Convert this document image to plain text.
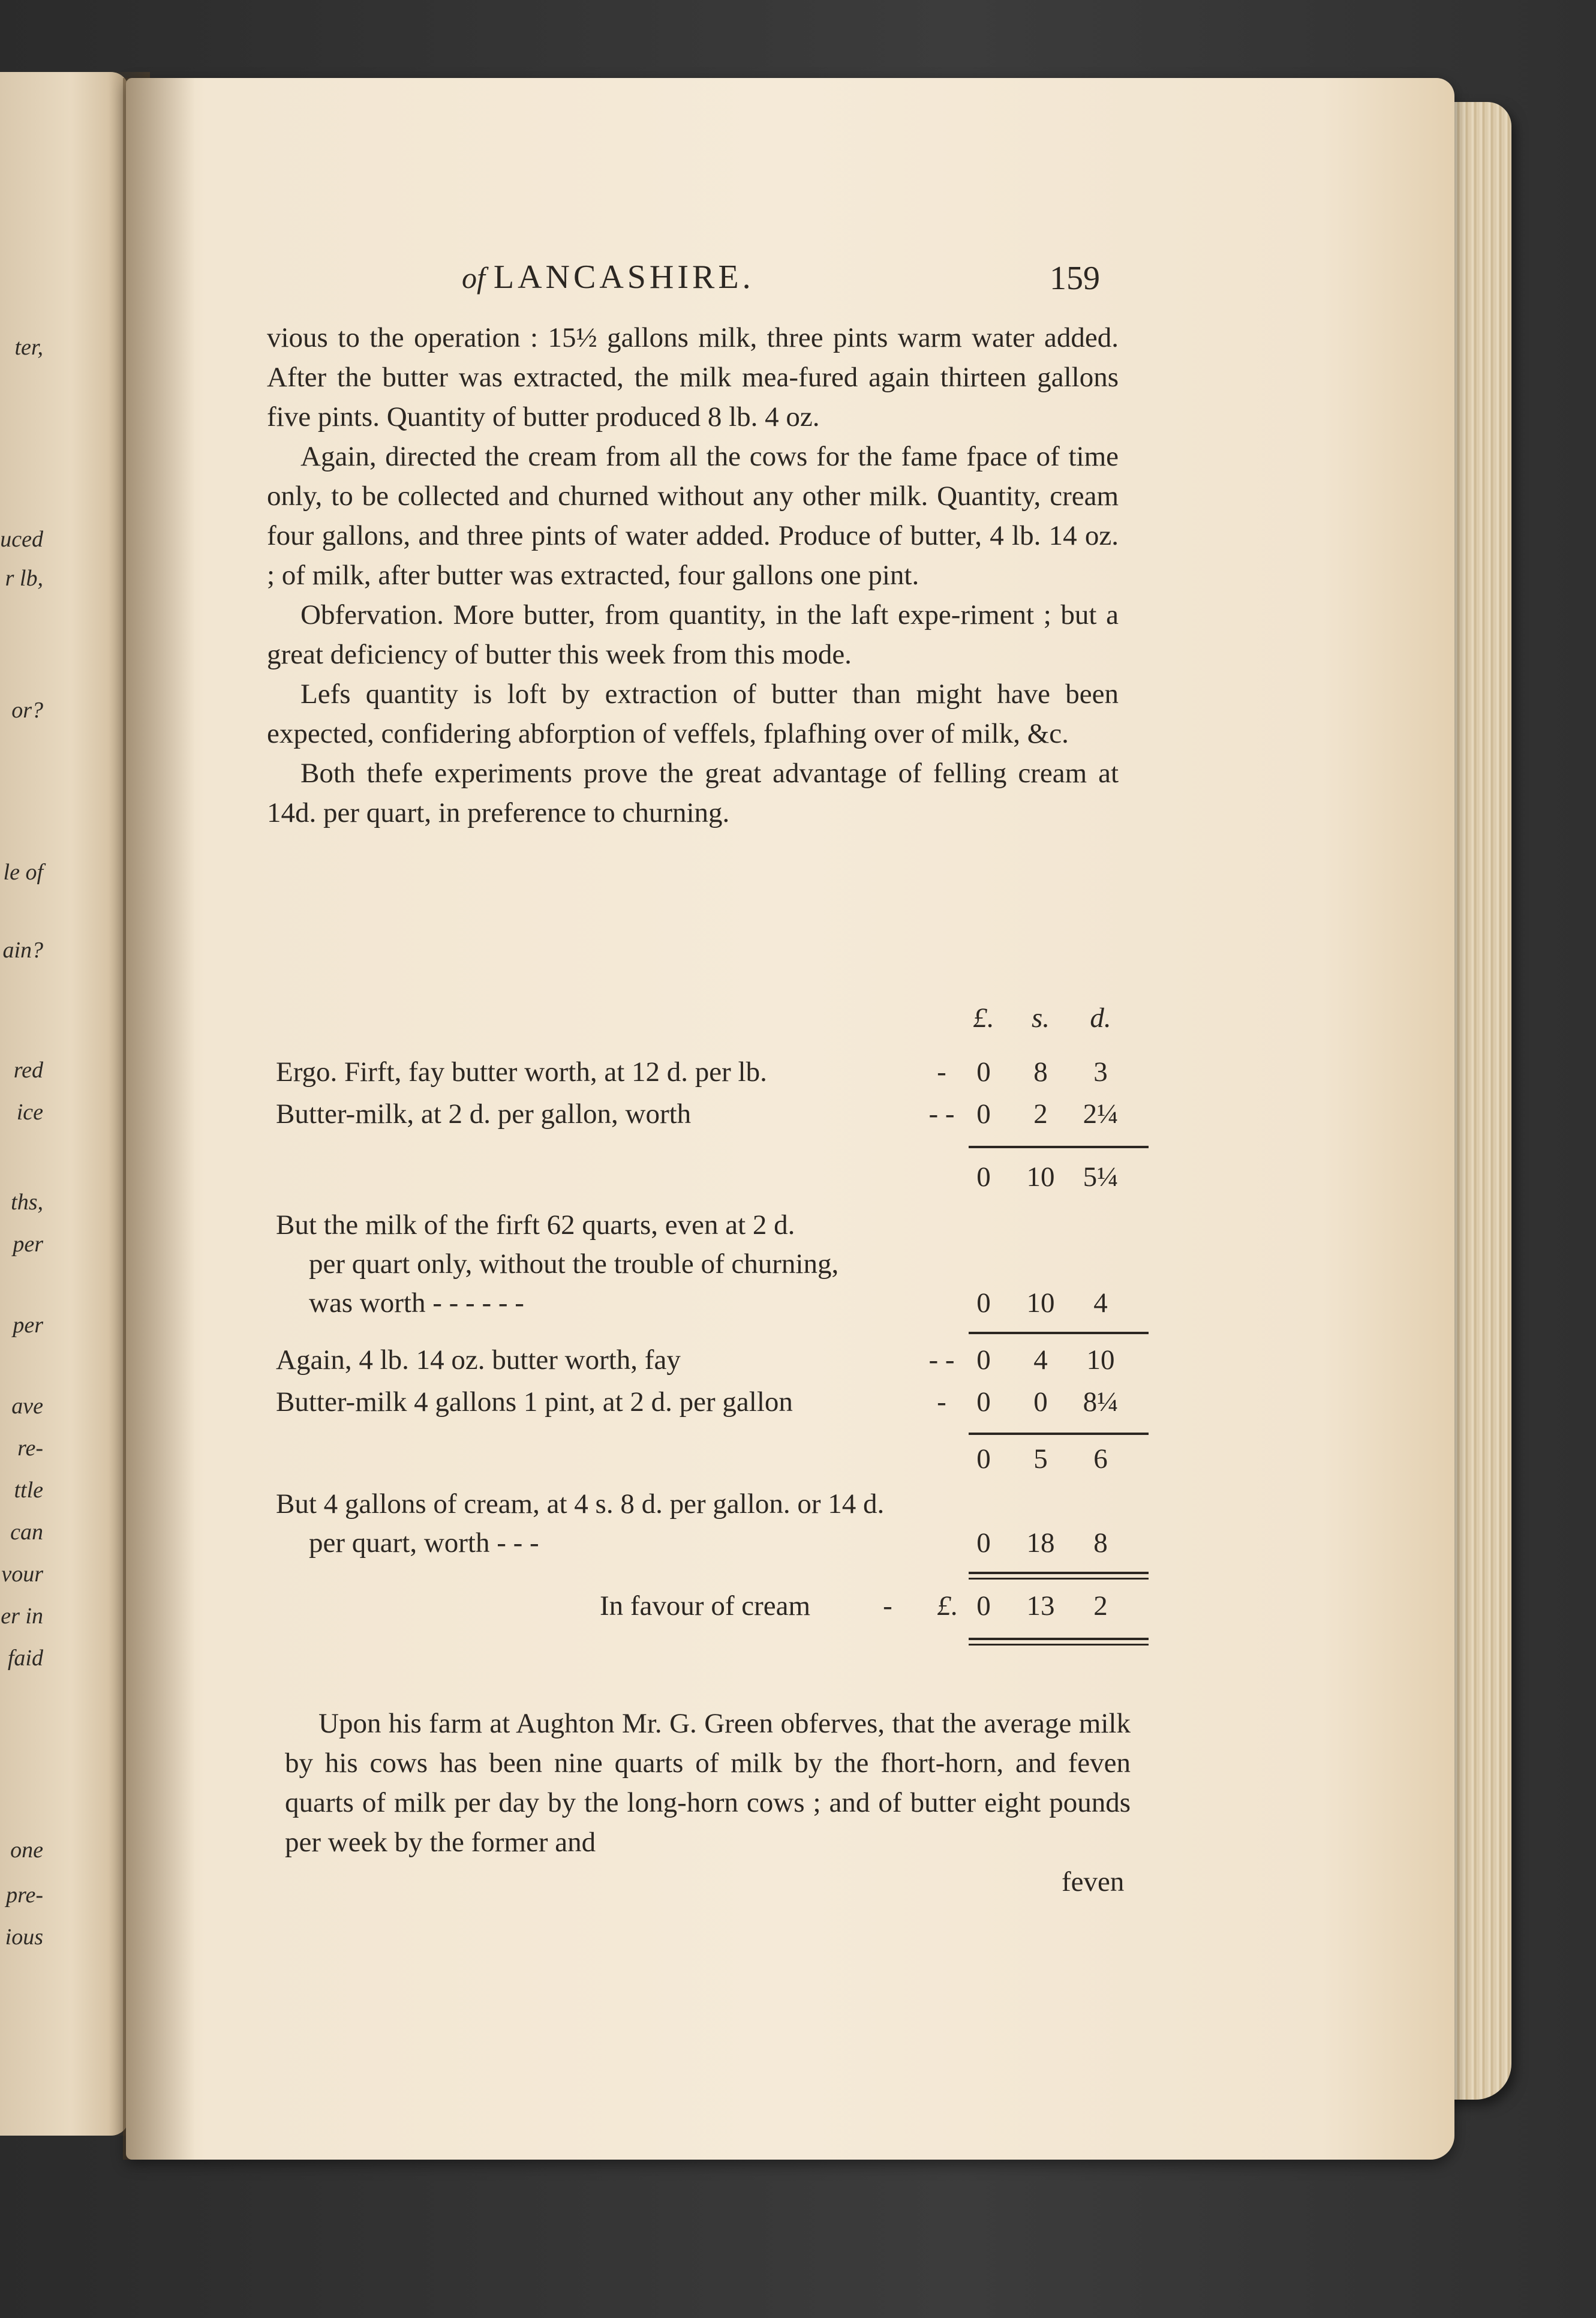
ter,
uced
r lb,
or?
le of
ain?
red
ice
ths,
per
per
ave
re-
ttle
can
vour
er in
faid
one
pre-
ious
of LANCASHIRE.	159

vious to the operation : 15½ gallons milk, three pints warm water added. After the butter was extracted, the milk mea-fured again thirteen gallons five pints. Quantity of butter produced 8 lb. 4 oz.

Again, directed the cream from all the cows for the fame fpace of time only, to be collected and churned without any other milk. Quantity, cream four gallons, and three pints of water added. Produce of butter, 4 lb. 14 oz. ; of milk, after butter was extracted, four gallons one pint.

Obfervation. More butter, from quantity, in the laft expe-riment ; but a great deficiency of butter this week from this mode.

Lefs quantity is loft by extraction of butter than might have been expected, confidering abforption of veffels, fplafhing over of milk, &c.

Both thefe experiments prove the great advantage of felling cream at 14d. per quart, in preference to churning.

£.	s.	d.
Ergo. Firft, fay butter worth, at 12 d. per lb.	-	0	8	3
Butter-milk, at 2 d. per gallon, worth	- - 0	2	2¼
0	10 5¼
But the milk of the firft 62 quarts, even at 2 d.
per quart only, without the trouble of churning,
was worth - - - - - -	0	10	4
Again, 4 lb. 14 oz. butter worth, fay	- - 0	4	10
Butter-milk 4 gallons 1 pint, at 2 d. per gallon	-	0	0	8¼
0	5	6
But 4 gallons of cream, at 4 s. 8 d. per gallon. or 14 d.
per quart, worth - - -	0	18	8
In favour of cream	-	£. 0	13	2

Upon his farm at Aughton Mr. G. Green obferves, that the average milk by his cows has been nine quarts of milk by the fhort-horn, and feven quarts of milk per day by the long-horn cows ; and of butter eight pounds per week by the former and

feven
